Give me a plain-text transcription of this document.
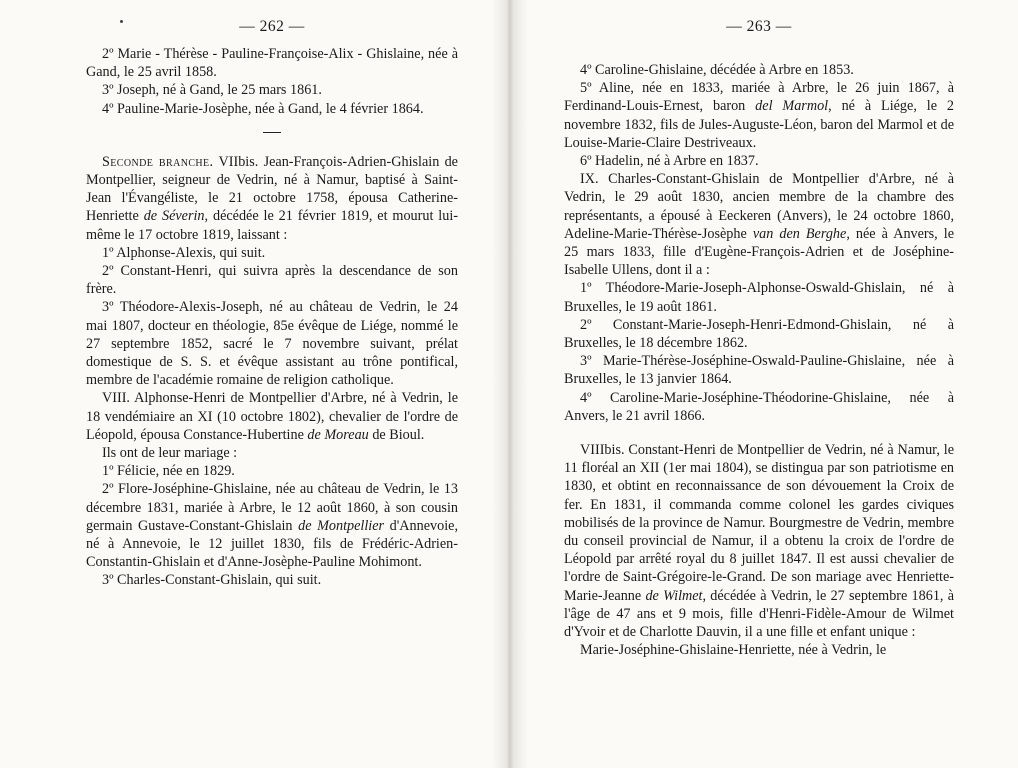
— 262 —

2º Marie - Thérèse - Pauline-Françoise-Alix - Ghislaine, née à Gand, le 25 avril 1858.

3º Joseph, né à Gand, le 25 mars 1861.

4º Pauline-Marie-Josèphe, née à Gand, le 4 février 1864.

Seconde branche. VIIbis. Jean-François-Adrien-Ghislain de Montpellier, seigneur de Vedrin, né à Namur, baptisé à Saint-Jean l'Évangéliste, le 21 octobre 1758, épousa Catherine-Henriette de Séverin, décédée le 21 février 1819, et mourut lui-même le 17 octobre 1819, laissant :

1º Alphonse-Alexis, qui suit.

2º Constant-Henri, qui suivra après la descendance de son frère.

3º Théodore-Alexis-Joseph, né au château de Vedrin, le 24 mai 1807, docteur en théologie, 85e évêque de Liége, nommé le 27 septembre 1852, sacré le 7 novembre suivant, prélat domestique de S. S. et évêque assistant au trône pontifical, membre de l'académie romaine de religion catholique.

VIII. Alphonse-Henri de Montpellier d'Arbre, né à Vedrin, le 18 vendémiaire an XI (10 octobre 1802), chevalier de l'ordre de Léopold, épousa Constance-Hubertine de Moreau de Bioul.

Ils ont de leur mariage :

1º Félicie, née en 1829.

2º Flore-Joséphine-Ghislaine, née au château de Vedrin, le 13 décembre 1831, mariée à Arbre, le 12 août 1860, à son cousin germain Gustave-Constant-Ghislain de Montpellier d'Annevoie, né à Annevoie, le 12 juillet 1830, fils de Frédéric-Adrien-Constantin-Ghislain et d'Anne-Josèphe-Pauline Mohimont.

3º Charles-Constant-Ghislain, qui suit.

— 263 —

4º Caroline-Ghislaine, décédée à Arbre en 1853.

5º Aline, née en 1833, mariée à Arbre, le 26 juin 1867, à Ferdinand-Louis-Ernest, baron del Marmol, né à Liége, le 2 novembre 1832, fils de Jules-Auguste-Léon, baron del Marmol et de Louise-Marie-Claire Destriveaux.

6º Hadelin, né à Arbre en 1837.

IX. Charles-Constant-Ghislain de Montpellier d'Arbre, né à Vedrin, le 29 août 1830, ancien membre de la chambre des représentants, a épousé à Eeckeren (Anvers), le 24 octobre 1860, Adeline-Marie-Thérèse-Josèphe van den Berghe, née à Anvers, le 25 mars 1833, fille d'Eugène-François-Adrien et de Joséphine-Isabelle Ullens, dont il a :

1º Théodore-Marie-Joseph-Alphonse-Oswald-Ghislain, né à Bruxelles, le 19 août 1861.

2º Constant-Marie-Joseph-Henri-Edmond-Ghislain, né à Bruxelles, le 18 décembre 1862.

3º Marie-Thérèse-Joséphine-Oswald-Pauline-Ghislaine, née à Bruxelles, le 13 janvier 1864.

4º Caroline-Marie-Joséphine-Théodorine-Ghislaine, née à Anvers, le 21 avril 1866.

VIIIbis. Constant-Henri de Montpellier de Vedrin, né à Namur, le 11 floréal an XII (1er mai 1804), se distingua par son patriotisme en 1830, et obtint en reconnaissance de son dévouement la Croix de fer. En 1831, il commanda comme colonel les gardes civiques mobilisés de la province de Namur. Bourgmestre de Vedrin, membre du conseil provincial de Namur, il a obtenu la croix de l'ordre de Léopold par arrêté royal du 8 juillet 1847. Il est aussi chevalier de l'ordre de Saint-Grégoire-le-Grand. De son mariage avec Henriette-Marie-Jeanne de Wilmet, décédée à Vedrin, le 27 septembre 1861, à l'âge de 47 ans et 9 mois, fille d'Henri-Fidèle-Amour de Wilmet d'Yvoir et de Charlotte Dauvin, il a une fille et enfant unique :

Marie-Joséphine-Ghislaine-Henriette, née à Vedrin, le
